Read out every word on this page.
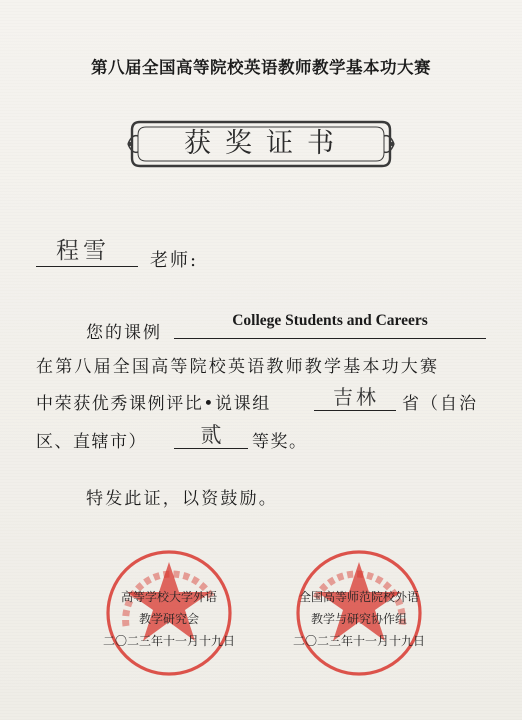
第八届全国高等院校英语教师教学基本功大赛
获奖证书
程雪 老师:
您的课例
College Students and Careers
在第八届全国高等院校英语教师教学基本功大赛
中荣获优秀课例评比•说课组	吉林	省（自治
区、直辖市）	贰	等奖。
特发此证，以资鼓励。
高等学校大学外语
教学研究会
二〇二三年十一月十九日
全国高等师范院校外语
教学与研究协作组
二〇二三年十一月十九日
